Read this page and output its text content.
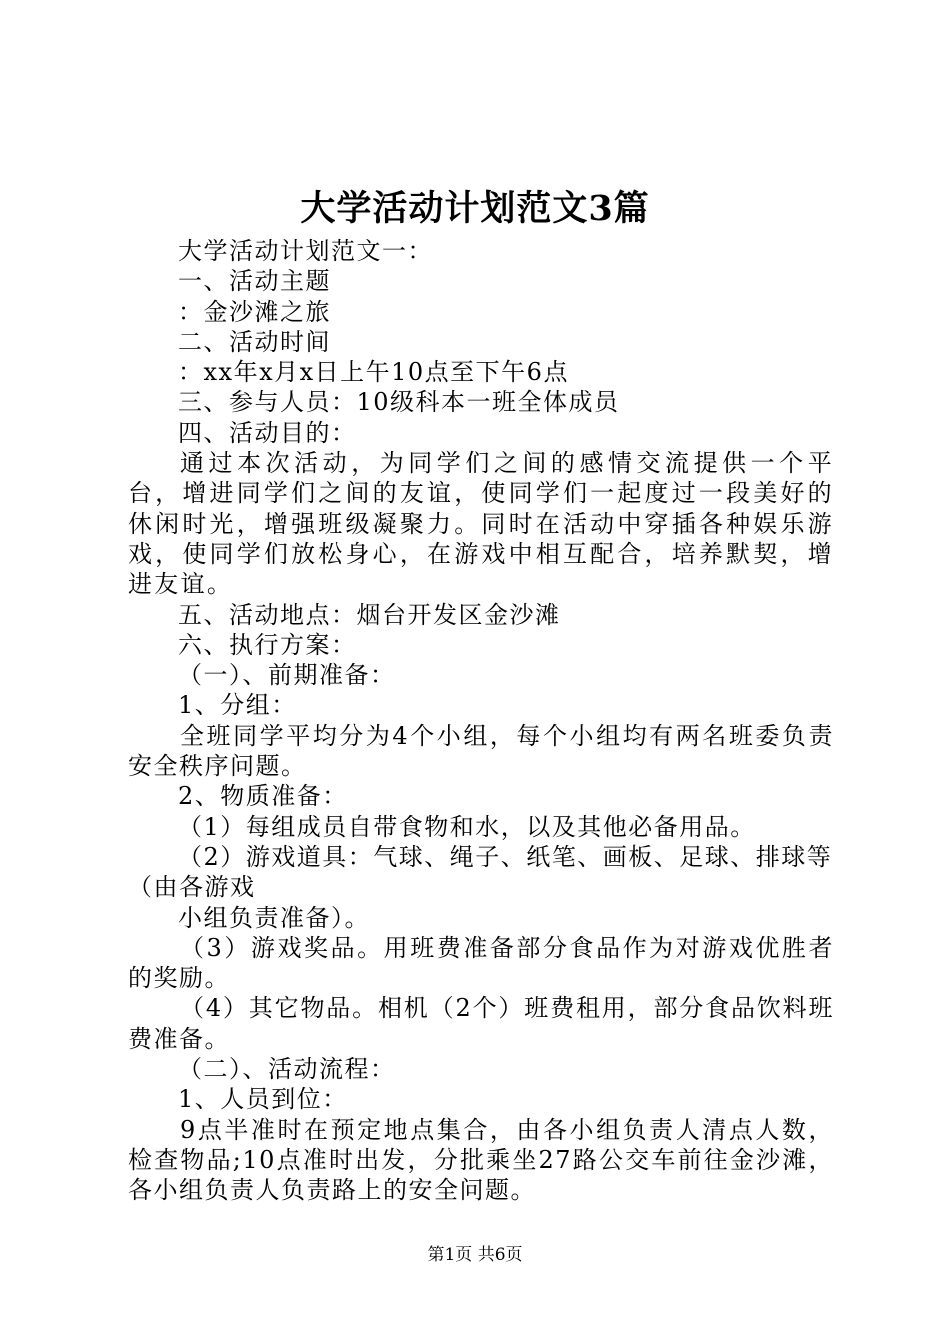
大学活动计划范文3篇
大学活动计划范文一：
一、活动主题
：金沙滩之旅
二、活动时间
：xx年x月x日上午10点至下午6点
三、参与人员：10级科本一班全体成员
四、活动目的：
通过本次活动，为同学们之间的感情交流提供一个平台，增进同学们之间的友谊，使同学们一起度过一段美好的休闲时光，增强班级凝聚力。同时在活动中穿插各种娱乐游戏，使同学们放松身心，在游戏中相互配合，培养默契，增进友谊。
五、活动地点：烟台开发区金沙滩
六、执行方案：
（一）、前期准备：
1、分组：
全班同学平均分为4个小组，每个小组均有两名班委负责安全秩序问题。
2、物质准备：
（1）每组成员自带食物和水，以及其他必备用品。
（2）游戏道具：气球、绳子、纸笔、画板、足球、排球等
（由各游戏
小组负责准备）。
（3）游戏奖品。用班费准备部分食品作为对游戏优胜者的奖励。
（4）其它物品。相机（2个）班费租用，部分食品饮料班费准备。
（二）、活动流程：
1、人员到位：
9点半准时在预定地点集合，由各小组负责人清点人数，检查物品;10点准时出发，分批乘坐27路公交车前往金沙滩，各小组负责人负责路上的安全问题。
第1页 共6页
